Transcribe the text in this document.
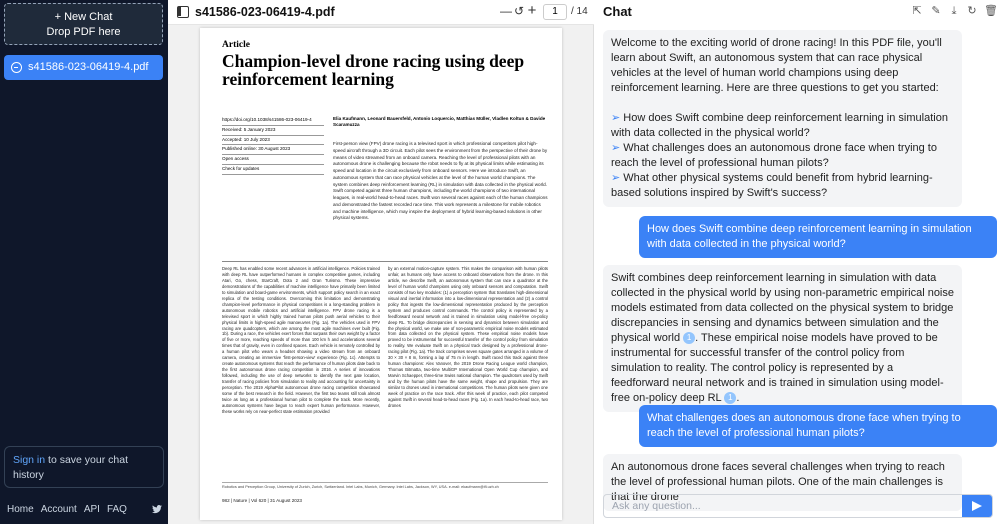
+ New Chat
Drop PDF here
s41586-023-06419-4.pdf
Sign in to save your chat history
Home Account API FAQ
s41586-023-06419-4.pdf	— ↺ +	1	/ 14
Article
Champion-level drone racing using deep reinforcement learning
https://doi.org/10.1038/s41586-023-06419-4
Received: 5 January 2023
Accepted: 10 July 2023
Published online: 30 August 2023
Open access
Check for updates
Elia Kaufmann, Leonard Bauersfeld, Antonio Loquercio, Matthias Müller, Vladlen Koltun & Davide Scaramuzza
First-person view (FPV) drone racing is a televised sport in which professional competitors pilot high-speed aircraft through a 3D circuit. Each pilot sees the environment from the perspective of their drone by means of video streamed from an onboard camera. Reaching the level of professional pilots with an autonomous drone is challenging because the robot needs to fly at its physical limits while estimating its speed and location in the circuit exclusively from onboard sensors. Here we introduce Swift, an autonomous system that can race physical vehicles at the level of the human world champions. The system combines deep reinforcement learning (RL) in simulation with data collected in the physical world. Swift competed against three human champions, including the world champions of two international leagues, in real-world head-to-head races. Swift won several races against each of the human champions and demonstrated the fastest recorded race time. This work represents a milestone for mobile robotics and machine intelligence, which may inspire the deployment of hybrid learning-based solutions in other physical systems.
Deep RL has enabled some recent advances in artificial intelligence. Policies trained with deep RL have outperformed humans in complex competitive games, including Atari, Go, chess, StarCraft, Dota 2 and Gran Turismo. These impressive demonstrations of the capabilities of machine intelligence have primarily been limited to simulation and board-game environments, which support policy search in an exact replica of the testing conditions. Overcoming this limitation and demonstrating champion-level performance in physical competitions is a long-standing problem in autonomous mobile robotics and artificial intelligence. FPV drone racing is a televised sport in which highly trained human pilots push aerial vehicles to their physical limits in high-speed agile manoeuvres (Fig. 1a). The vehicles used in FPV racing are quadcopters, which are among the most agile machines ever built (Fig. 1b). During a race, the vehicles exert forces that surpass their own weight by a factor of five or more, reaching speeds of more than 100 km h and accelerations several times that of gravity, even in confined spaces. Each vehicle is remotely controlled by a human pilot who wears a headset showing a video stream from an onboard camera, creating an immersive 'first-person-view' experience (Fig. 1c). Attempts to create autonomous systems that reach the performance of human pilots date back to the first autonomous drone racing competition in 2016. A series of innovations followed, including the use of deep networks to identify the next gate location, transfer of racing policies from simulation to reality and accounting for uncertainty in perception. The 2019 AlphaPilot autonomous drone racing competition showcased some of the best research in the field. However, the first two teams still took almost twice as long as a professional human pilot to complete the track. More recently, autonomous systems have begun to reach expert human performance. However, these works rely on near-perfect state estimation provided
by an external motion-capture system. This makes the comparison with human pilots unfair, as humans only have access to onboard observations from the drone. In this article, we describe Swift, an autonomous system that can race a quadrotor at the level of human world champions using only onboard sensors and computation. Swift consists of two key modules: (1) a perception system that translates high-dimensional visual and inertial information into a low-dimensional representation and (2) a control policy that ingests the low-dimensional representation produced by the perception system and produces control commands. The control policy is represented by a feedforward neural network and is trained in simulation using model-free on-policy deep RL. To bridge discrepancies in sensing and dynamics between simulation and the physical world, we make use of non-parametric empirical noise models estimated from data collected on the physical system. These empirical noise models have proved to be instrumental for successful transfer of the control policy from simulation to reality. We evaluate Swift on a physical track designed by a professional drone-racing pilot (Fig. 1a). The track comprises seven square gates arranged in a volume of 30 × 30 × 8 m, forming a lap of 75 m in length. Swift raced this track against three human champions: Alex Vanover, the 2019 Drone Racing League world champion, Thomas Bitmatta, two-time MultiGP International Open World Cup champion, and Marvin Schaepper, three-time Swiss national champion. The quadrotors used by Swift and by the human pilots have the same weight, shape and propulsion. They are similar to drones used in international competitions. The human pilots were given one week of practice on the race track. After this week of practice, each pilot competed against Swift in several head-to-head races (Fig. 1a). In each head-to-head race, two drones
Robotics and Perception Group, University of Zurich, Zurich, Switzerland. Intel Labs, Munich, Germany. Intel Labs, Jackson, WY, USA. e-mail: ekaufmann@ifi.uzh.ch
982 | Nature | Vol 620 | 31 August 2023
Chat	⇱ ✎ ⤓ ↻ 🗑
Welcome to the exciting world of drone racing! In this PDF file, you'll learn about Swift, an autonomous system that can race physical vehicles at the level of human world champions using deep reinforcement learning. Here are three questions to get you started:

➢ How does Swift combine deep reinforcement learning in simulation with data collected in the physical world?
➢ What challenges does an autonomous drone face when trying to reach the level of professional human pilots?
➢ What other physical systems could benefit from hybrid learning-based solutions inspired by Swift's success?
How does Swift combine deep reinforcement learning in simulation with data collected in the physical world?
Swift combines deep reinforcement learning in simulation with data collected in the physical world by using non-parametric empirical noise models estimated from data collected on the physical system to bridge discrepancies in sensing and dynamics between simulation and the physical world 1 . These empirical noise models have proved to be instrumental for successful transfer of the control policy from simulation to reality. The control policy is represented by a feedforward neural network and is trained in simulation using model-free on-policy deep RL 1 .
What challenges does an autonomous drone face when trying to reach the level of professional human pilots?
An autonomous drone faces several challenges when trying to reach the level of professional human pilots. One of the main challenges is that the drone
Ask any question...
